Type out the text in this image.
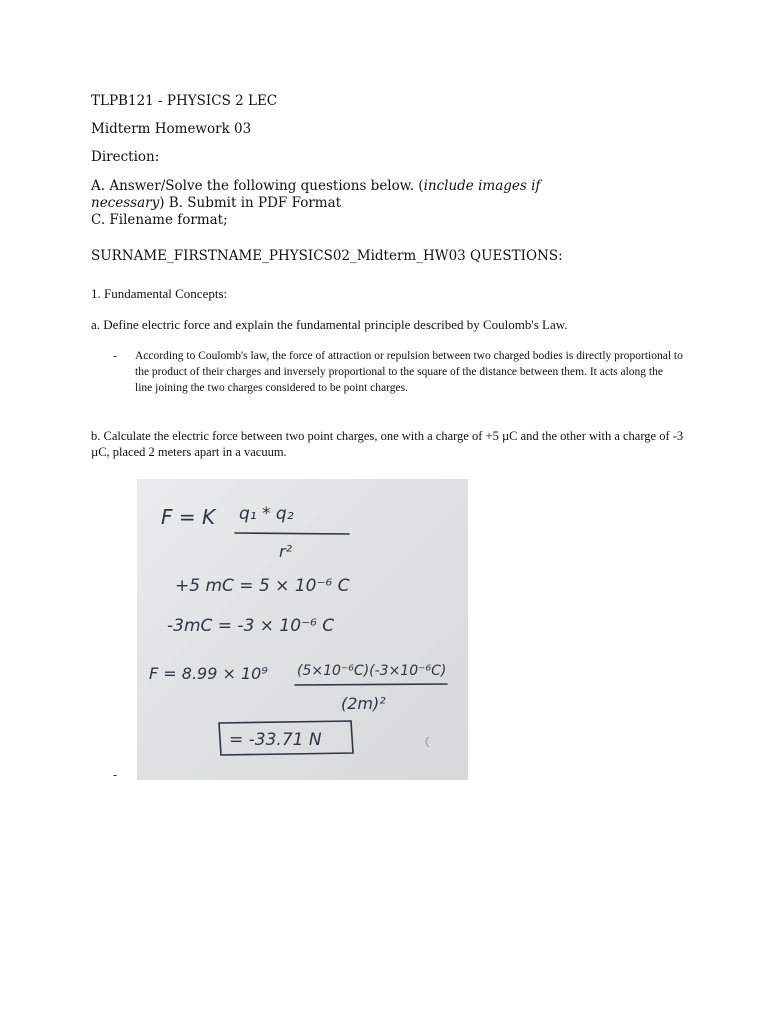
TLPB121 - PHYSICS 2 LEC
Midterm Homework 03
Direction:
A. Answer/Solve the following questions below. (include images if
necessary) B. Submit in PDF Format
C. Filename format;
SURNAME_FIRSTNAME_PHYSICS02_Midterm_HW03 QUESTIONS:
1. Fundamental Concepts:
a. Define electric force and explain the fundamental principle described by Coulomb's Law.
- According to Coulomb's law, the force of attraction or repulsion between two charged bodies is directly proportional to the product of their charges and inversely proportional to the square of the distance between them. It acts along the line joining the two charges considered to be point charges.
b. Calculate the electric force between two point charges, one with a charge of +5 µC and the other with a charge of -3 µC, placed 2 meters apart in a vacuum.
F = K q₁ * q₂
r²
+5 mC = 5 × 10⁻⁶ C
-3mC = -3 × 10⁻⁶ C
F = 8.99 × 10⁹ (5×10⁻⁶C)(-3×10⁻⁶C)
(2m)²
= -33.71 N
-
